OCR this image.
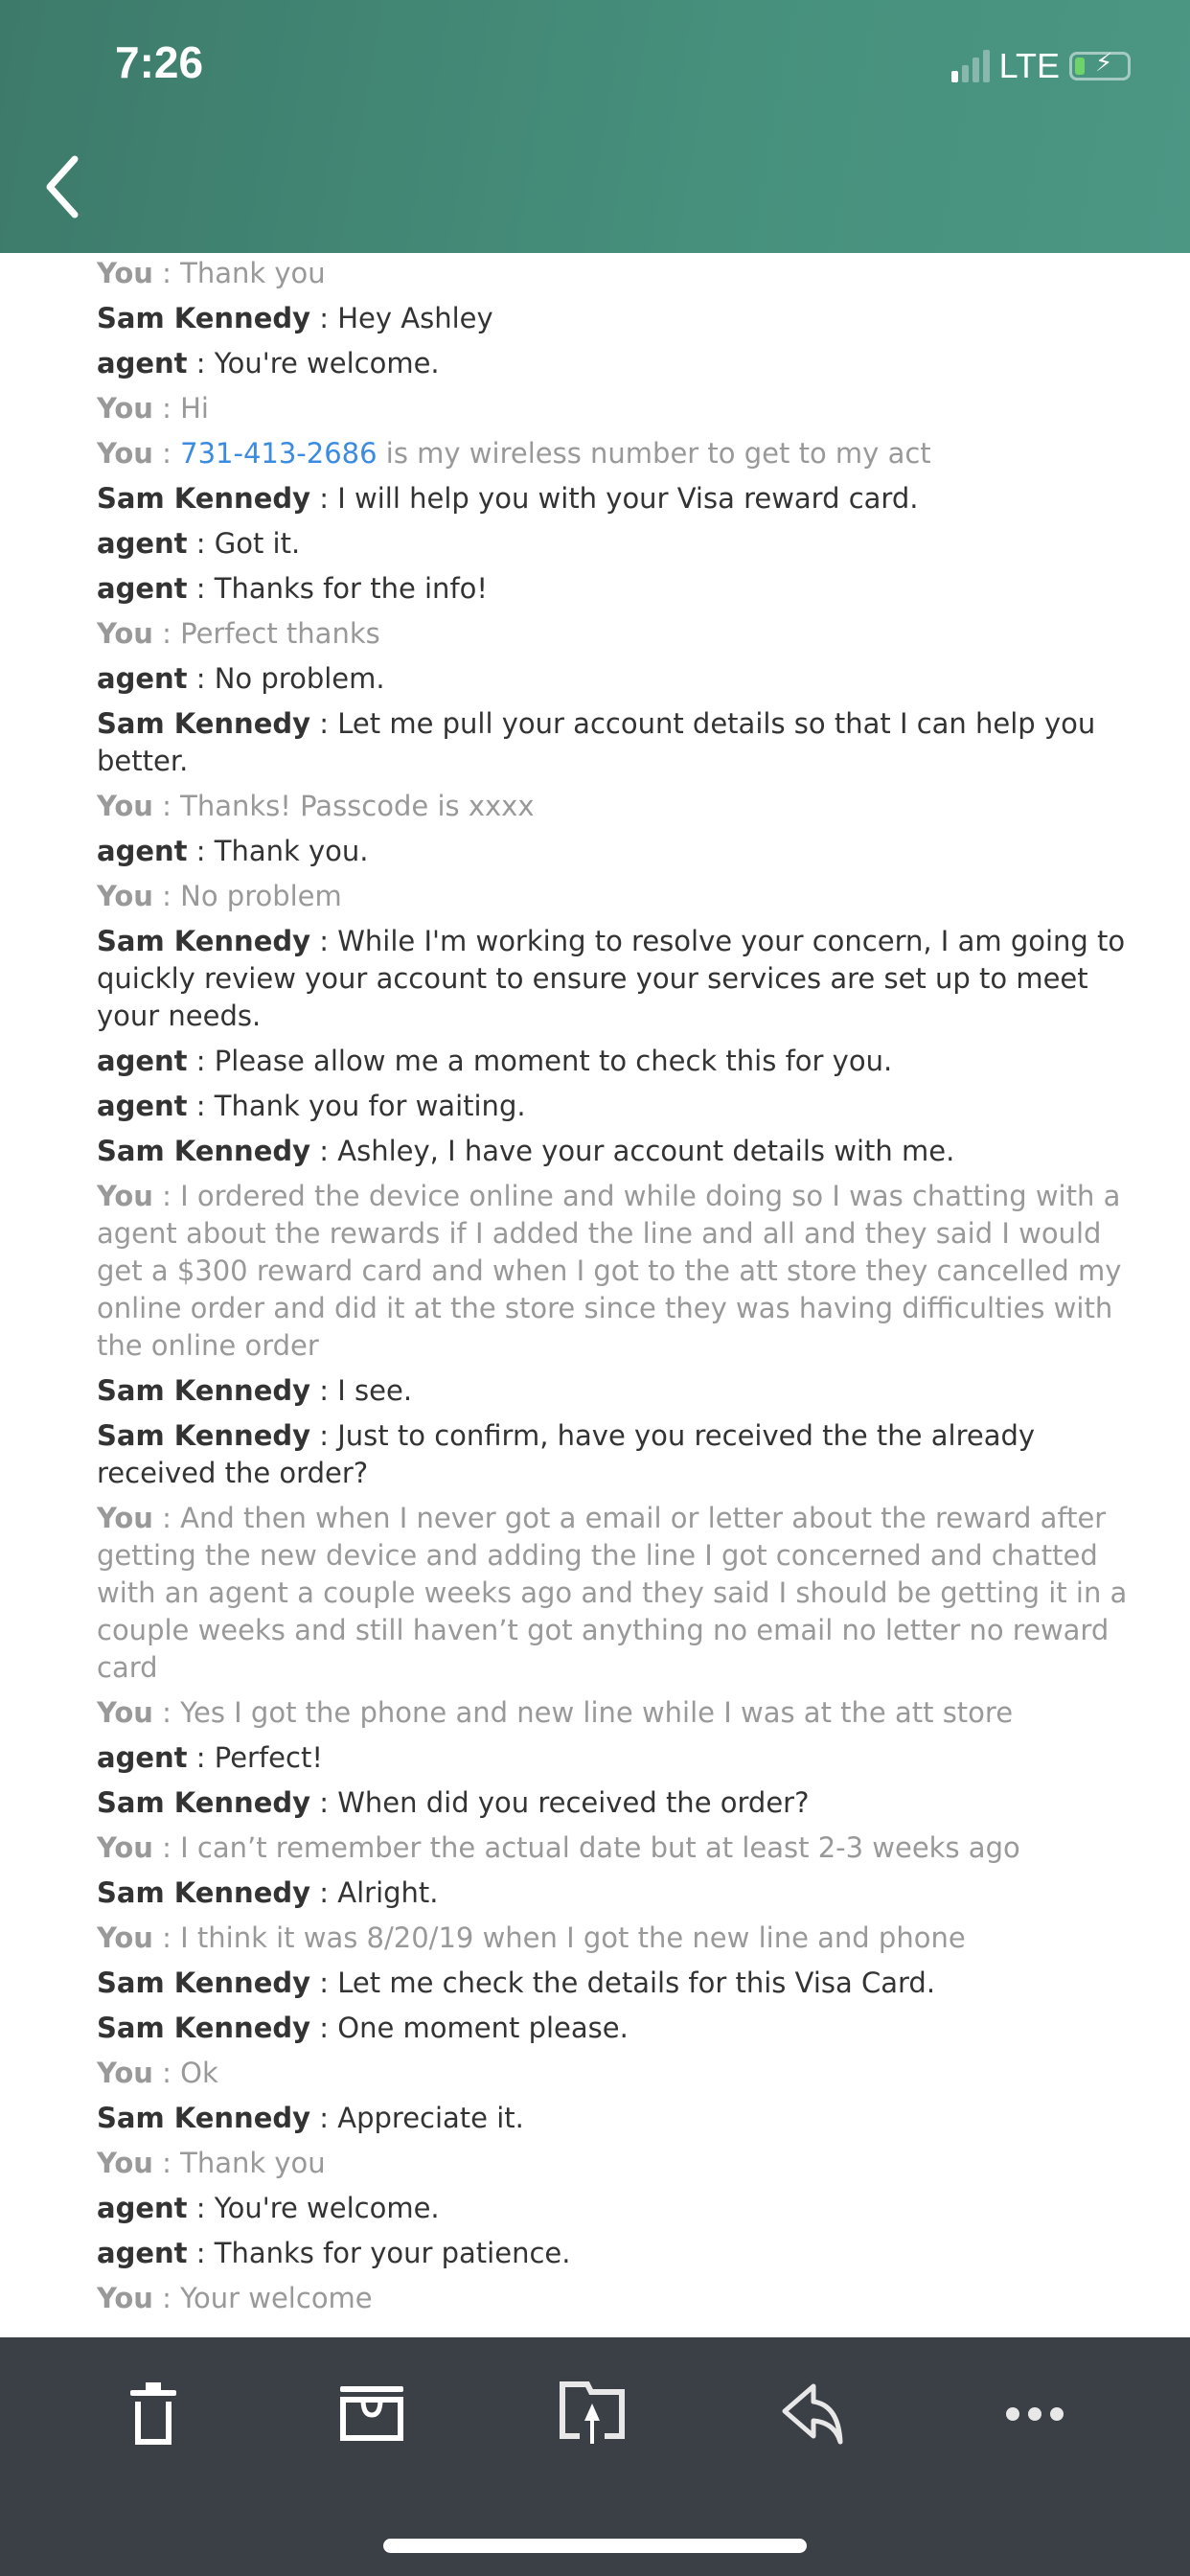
7:26	LTE ⚡
You : Thank you
Sam Kennedy : Hey Ashley
agent : You're welcome.
You : Hi
You : 731-413-2686 is my wireless number to get to my act
Sam Kennedy : I will help you with your Visa reward card.
agent : Got it.
agent : Thanks for the info!
You : Perfect thanks
agent : No problem.
Sam Kennedy : Let me pull your account details so that I can help you better.
You : Thanks! Passcode is xxxx
agent : Thank you.
You : No problem
Sam Kennedy : While I'm working to resolve your concern, I am going to quickly review your account to ensure your services are set up to meet your needs.
agent : Please allow me a moment to check this for you.
agent : Thank you for waiting.
Sam Kennedy : Ashley, I have your account details with me.
You : I ordered the device online and while doing so I was chatting with a agent about the rewards if I added the line and all and they said I would get a $300 reward card and when I got to the att store they cancelled my online order and did it at the store since they was having difficulties with the online order
Sam Kennedy : I see.
Sam Kennedy : Just to confirm, have you received the the already received the order?
You : And then when I never got a email or letter about the reward after getting the new device and adding the line I got concerned and chatted with an agent a couple weeks ago and they said I should be getting it in a couple weeks and still haven’t got anything no email no letter no reward card
You : Yes I got the phone and new line while I was at the att store
agent : Perfect!
Sam Kennedy : When did you received the order?
You : I can’t remember the actual date but at least 2-3 weeks ago
Sam Kennedy : Alright.
You : I think it was 8/20/19 when I got the new line and phone
Sam Kennedy : Let me check the details for this Visa Card.
Sam Kennedy : One moment please.
You : Ok
Sam Kennedy : Appreciate it.
You : Thank you
agent : You're welcome.
agent : Thanks for your patience.
You : Your welcome
